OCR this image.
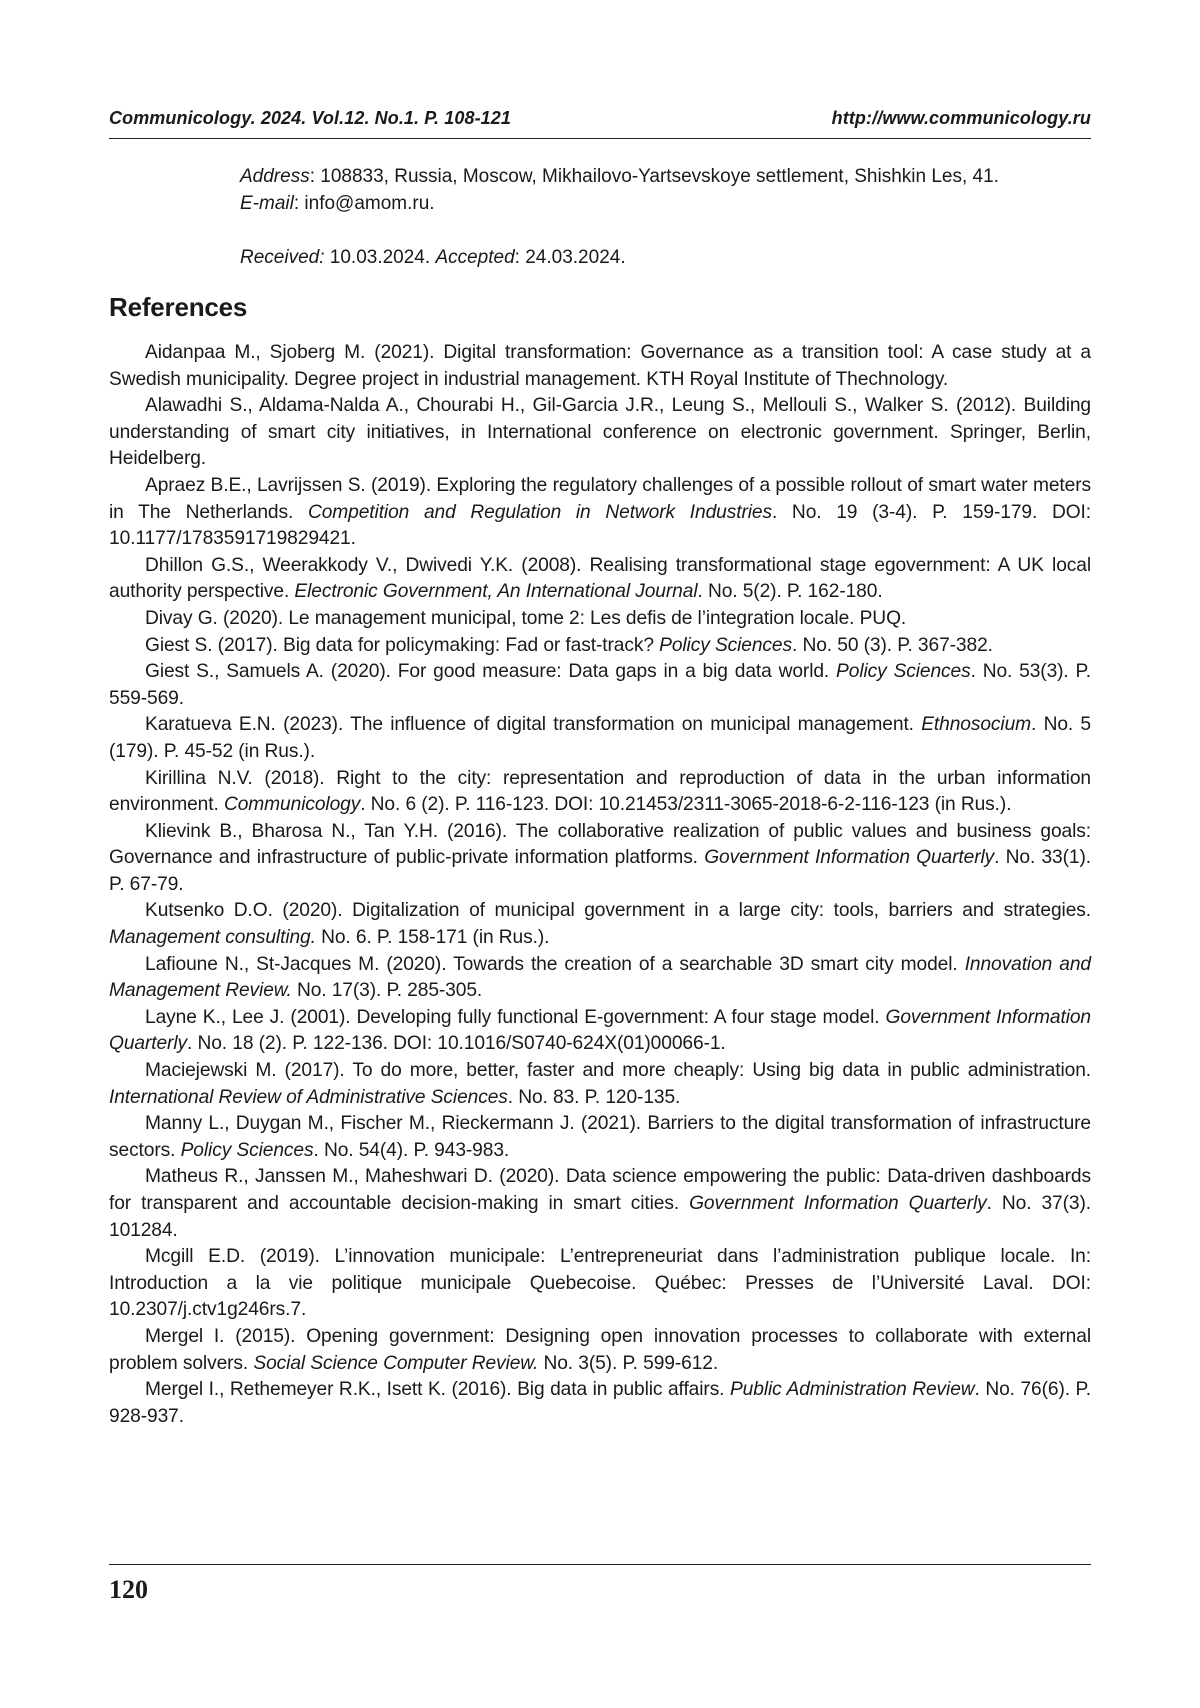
Communicology. 2024. Vol.12. No.1. P. 108-121	http://www.communicology.ru

Address: 108833, Russia, Moscow, Mikhailovo-Yartsevskoye settlement, Shishkin Les, 41.

E-mail: info@amom.ru.

Received: 10.03.2024. Accepted: 24.03.2024.

References

Aidanpaa M., Sjoberg M. (2021). Digital transformation: Governance as a transition tool: A case study at a Swedish municipality. Degree project in industrial management. KTH Royal Institute of Thechnology.

Alawadhi S., Aldama-Nalda A., Chourabi H., Gil-Garcia J.R., Leung S., Mellouli S., Walker S. (2012). Building understanding of smart city initiatives, in International conference on electronic government. Springer, Berlin, Heidelberg.

Apraez B.E., Lavrijssen S. (2019). Exploring the regulatory challenges of a possible rollout of smart water meters in The Netherlands. Competition and Regulation in Network Industries. No. 19 (3-4). P. 159-179. DOI: 10.1177/1783591719829421.

Dhillon G.S., Weerakkody V., Dwivedi Y.K. (2008). Realising transformational stage egovernment: A UK local authority perspective. Electronic Government, An International Journal. No. 5(2). P. 162-180.

Divay G. (2020). Le management municipal, tome 2: Les defis de l’integration locale. PUQ.

Giest S. (2017). Big data for policymaking: Fad or fast-track? Policy Sciences. No. 50 (3). P. 367-382.

Giest S., Samuels A. (2020). For good measure: Data gaps in a big data world. Policy Sciences. No. 53(3). P. 559-569.

Karatueva E.N. (2023). The influence of digital transformation on municipal management. Ethnosocium. No. 5 (179). P. 45-52 (in Rus.).

Kirillina N.V. (2018). Right to the city: representation and reproduction of data in the urban information environment. Communicology. No. 6 (2). P. 116-123. DOI: 10.21453/2311-3065-2018-6-2-116-123 (in Rus.).

Klievink B., Bharosa N., Tan Y.H. (2016). The collaborative realization of public values and business goals: Governance and infrastructure of public-private information platforms. Government Information Quarterly. No. 33(1). P. 67-79.

Kutsenko D.O. (2020). Digitalization of municipal government in a large city: tools, barriers and strategies. Management consulting. No. 6. P. 158-171 (in Rus.).

Lafioune N., St-Jacques M. (2020). Towards the creation of a searchable 3D smart city model. Innovation and Management Review. No. 17(3). P. 285-305.

Layne K., Lee J. (2001). Developing fully functional E-government: A four stage model. Government Information Quarterly. No. 18 (2). P. 122-136. DOI: 10.1016/S0740-624X(01)00066-1.

Maciejewski M. (2017). To do more, better, faster and more cheaply: Using big data in public administration. International Review of Administrative Sciences. No. 83. P. 120-135.

Manny L., Duygan M., Fischer M., Rieckermann J. (2021). Barriers to the digital transformation of infrastructure sectors. Policy Sciences. No. 54(4). P. 943-983.

Matheus R., Janssen M., Maheshwari D. (2020). Data science empowering the public: Data-driven dashboards for transparent and accountable decision-making in smart cities. Government Information Quarterly. No. 37(3). 101284.

Mcgill E.D. (2019). L’innovation municipale: L’entrepreneuriat dans l’administration publique locale. In: Introduction a la vie politique municipale Quebecoise. Québec: Presses de l’Université Laval. DOI: 10.2307/j.ctv1g246rs.7.

Mergel I. (2015). Opening government: Designing open innovation processes to collaborate with external problem solvers. Social Science Computer Review. No. 3(5). P. 599-612.

Mergel I., Rethemeyer R.K., Isett K. (2016). Big data in public affairs. Public Administration Review. No. 76(6). P. 928-937.

120
